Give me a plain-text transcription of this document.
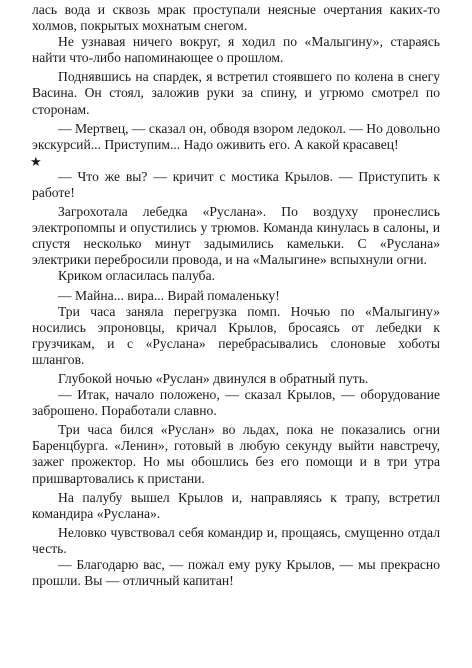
лась вода и сквозь мрак проступали неясные очертания каких-то холмов, покрытых мохнатым снегом.

Не узнавая ничего вокруг, я ходил по «Малыгину», стараясь найти что-либо напоминающее о прошлом.

Поднявшись на спардек, я встретил стоявшего по колена в снегу Васина. Он стоял, заложив руки за спину, и угрюмо смотрел по сторонам.

— Мертвец, — сказал он, обводя взором ледокол. — Но довольно экскурсий... Приступим... Надо оживить его. А какой красавец!

★

— Что же вы? — кричит с мостика Крылов. — Приступить к работе!

Загрохотала лебедка «Руслана». По воздуху пронеслись электропомпы и опустились у трюмов. Команда кинулась в салоны, и спустя несколько минут задымились камельки. С «Руслана» электрики перебросили провода, и на «Малыгине» вспыхнули огни.

Криком огласилась палуба.

— Майна... вира... Вирай помаленьку!

Три часа заняла перегрузка помп. Ночью по «Малыгину» носились эпроновцы, кричал Крылов, бросаясь от лебедки к грузчикам, и с «Руслана» перебрасывались слоновые хоботы шлангов.

Глубокой ночью «Руслан» двинулся в обратный путь.

— Итак, начало положено, — сказал Крылов, — оборудование заброшено. Поработали славно.

Три часа бился «Руслан» во льдах, пока не показались огни Баренцбурга. «Ленин», готовый в любую секунду выйти навстречу, зажег прожектор. Но мы обошлись без его помощи и в три утра пришвартовались к пристани.

На палубу вышел Крылов и, направляясь к трапу, встретил командира «Руслана».

Неловко чувствовал себя командир и, прощаясь, смущенно отдал честь.

— Благодарю вас, — пожал ему руку Крылов, — мы прекрасно прошли. Вы — отличный капитан!
